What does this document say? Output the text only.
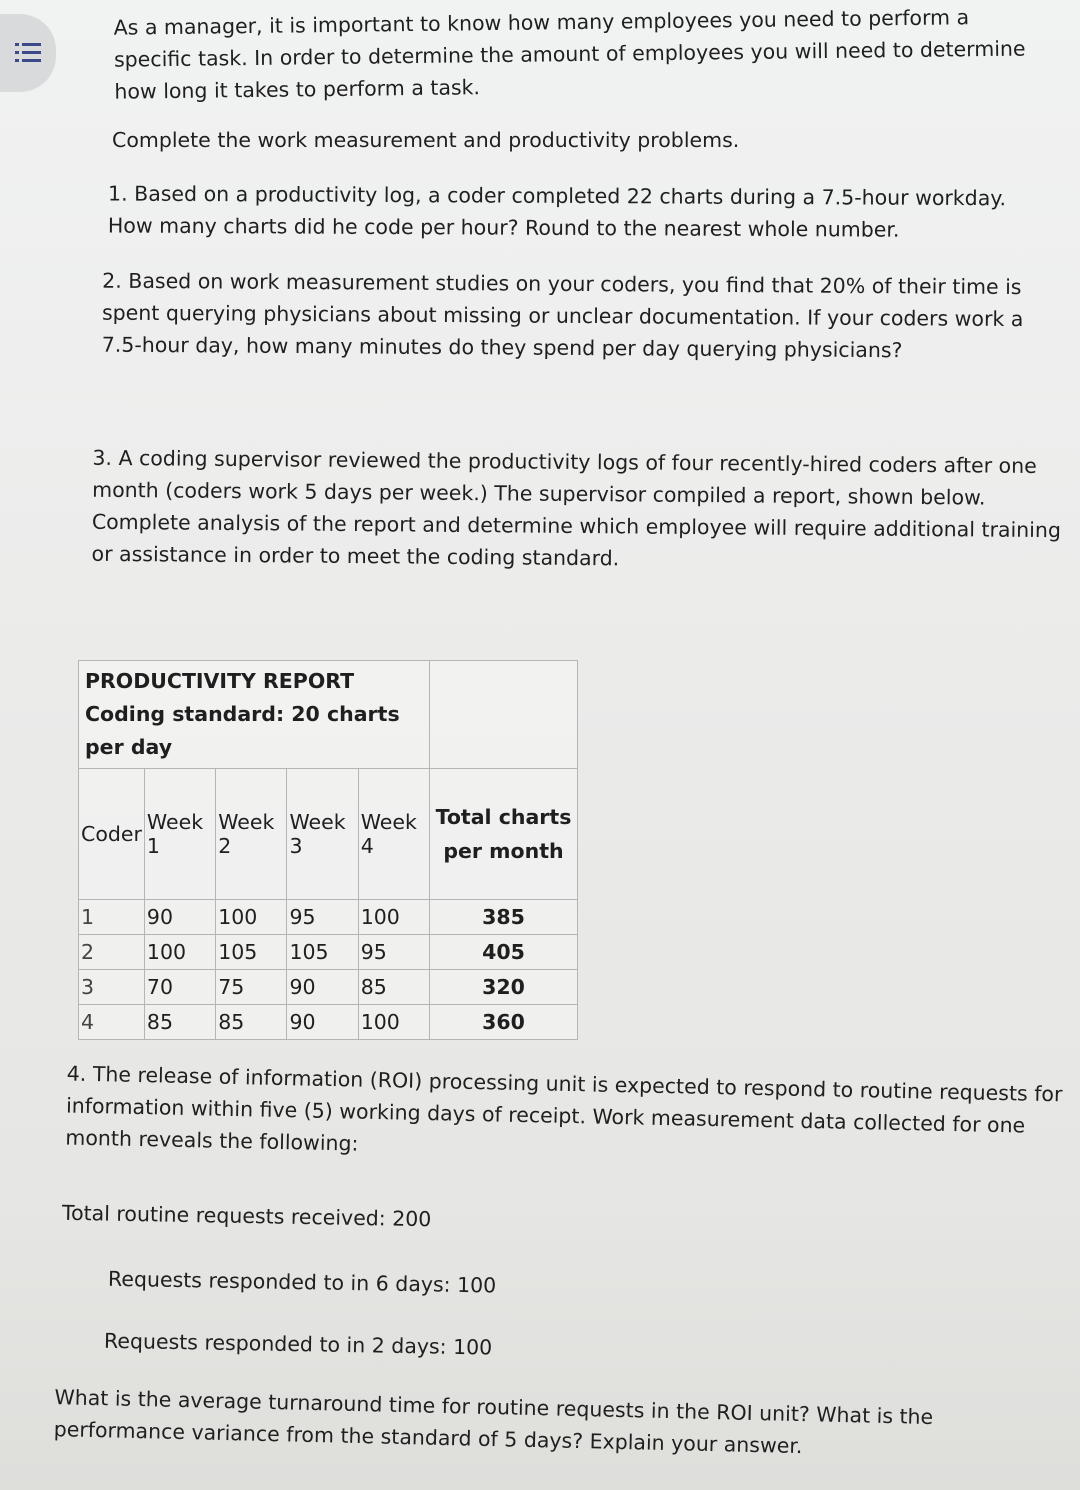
As a manager, it is important to know how many employees you need to perform a specific task. In order to determine the amount of employees you will need to determine how long it takes to perform a task.

Complete the work measurement and productivity problems.

1. Based on a productivity log, a coder completed 22 charts during a 7.5-hour workday. How many charts did he code per hour? Round to the nearest whole number.

2. Based on work measurement studies on your coders, you find that 20% of their time is spent querying physicians about missing or unclear documentation. If your coders work a 7.5-hour day, how many minutes do they spend per day querying physicians?

3. A coding supervisor reviewed the productivity logs of four recently-hired coders after one month (coders work 5 days per week.) The supervisor compiled a report, shown below. Complete analysis of the report and determine which employee will require additional training or assistance in order to meet the coding standard.

PRODUCTIVITY REPORT
Coding standard: 20 charts per day					

Coder	Week 1	Week 2	Week 3	Week 4	Total charts per month
1	90	100	95	100	385
2	100	105	105	95	405
3	70	75	90	85	320
4	85	85	90	100	360

4. The release of information (ROI) processing unit is expected to respond to routine requests for information within five (5) working days of receipt. Work measurement data collected for one month reveals the following:

Total routine requests received: 200

Requests responded to in 6 days: 100

Requests responded to in 2 days: 100

What is the average turnaround time for routine requests in the ROI unit? What is the performance variance from the standard of 5 days? Explain your answer.
